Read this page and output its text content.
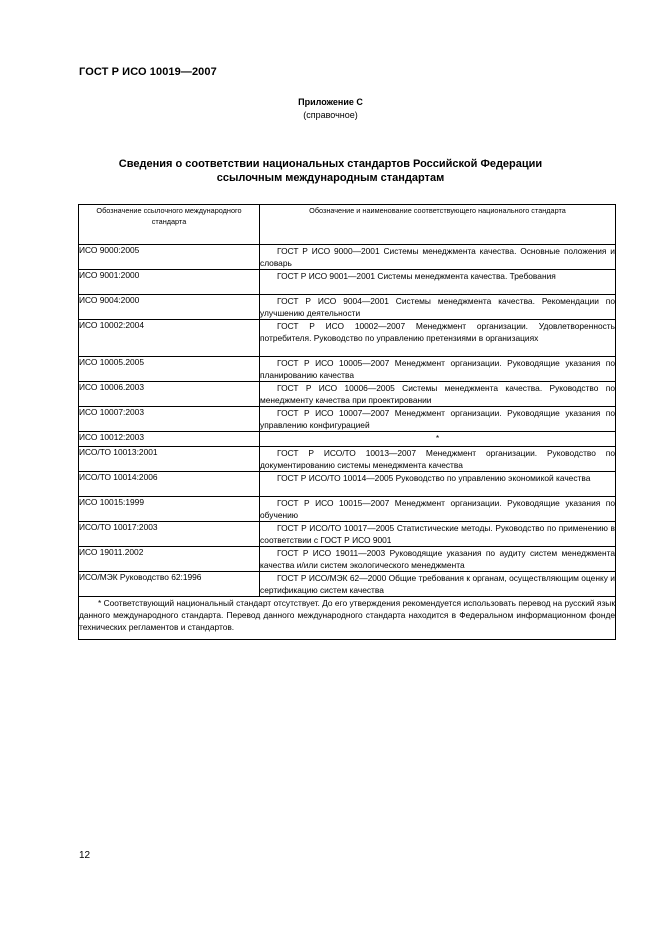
ГОСТ Р ИСО 10019—2007
Приложение С
(справочное)
Сведения о соответствии национальных стандартов Российской Федерации
ссылочным международным стандартам
Обозначение ссылочного международного стандарта	Обозначение и наименование соответствующего национального стандарта
ИСО 9000:2005	ГОСТ Р ИСО 9000—2001 Системы менеджмента качества. Основные положения и словарь
ИСО 9001:2000	ГОСТ Р ИСО 9001—2001 Системы менеджмента качества. Требования
ИСО 9004:2000	ГОСТ Р ИСО 9004—2001 Системы менеджмента качества. Рекомендации по улучшению деятельности
ИСО 10002:2004	ГОСТ Р ИСО 10002—2007 Менеджмент организации. Удовлетворенность потребителя. Руководство по управлению претензиями в организациях
ИСО 10005.2005	ГОСТ Р ИСО 10005—2007 Менеджмент организации. Руководящие указания по планированию качества
ИСО 10006.2003	ГОСТ Р ИСО 10006—2005 Системы менеджмента качества. Руководство по менеджменту качества при проектировании
ИСО 10007:2003	ГОСТ Р ИСО 10007—2007 Менеджмент организации. Руководящие указания по управлению конфигурацией
ИСО 10012:2003	*
ИСО/ТО 10013:2001	ГОСТ Р ИСО/ТО 10013—2007 Менеджмент организации. Руководство по документированию системы менеджмента качества
ИСО/ТО 10014:2006	ГОСТ Р ИСО/ТО 10014—2005 Руководство по управлению экономикой качества
ИСО 10015:1999	ГОСТ Р ИСО 10015—2007 Менеджмент организации. Руководящие указания по обучению
ИСО/ТО 10017:2003	ГОСТ Р ИСО/ТО 10017—2005 Статистические методы. Руководство по применению в соответствии с ГОСТ Р ИСО 9001
ИСО 19011.2002	ГОСТ Р ИСО 19011—2003 Руководящие указания по аудиту систем менеджмента качества и/или систем экологического менеджмента
ИСО/МЭК Руководство 62:1996	ГОСТ Р ИСО/МЭК 62—2000 Общие требования к органам, осуществляющим оценку и сертификацию систем качества
* Соответствующий национальный стандарт отсутствует. До его утверждения рекомендуется использовать перевод на русский язык данного международного стандарта. Перевод данного международного стандарта находится в Федеральном информационном фонде технических регламентов и стандартов.	
12
